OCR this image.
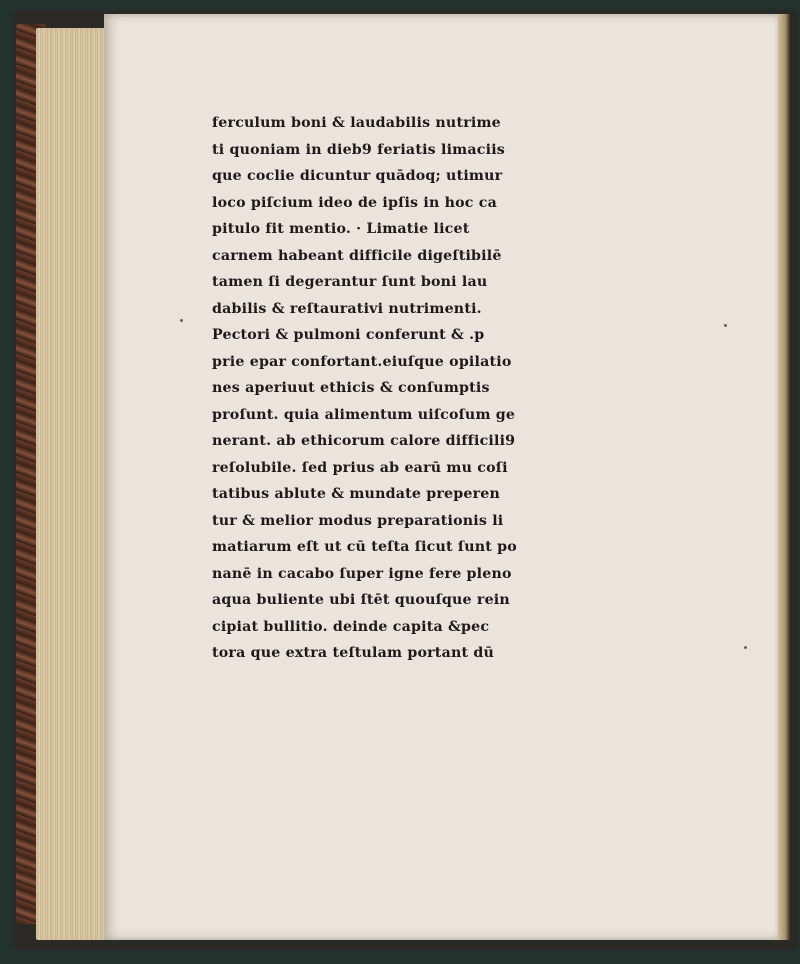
ferculum boni & laudabilis nutrime
ti quoniam in dieb9 feriatis limaciis
que coclie dicuntur quādoq; utimur
loco piſcium ideo de ipſis in hoc ca
pitulo fit mentio. · Limatie licet
carnem habeant difficile digeſtibilē
tamen ſi degerantur ſunt boni lau
dabilis & reſtaurativi nutrimenti.
Pectori & pulmoni conferunt & .p
prie epar confortant.eiuſque opilatio
nes aperiuut ethicis & conſumptis
proſunt. quia alimentum uiſcoſum ge
nerant. ab ethicorum calore difficili9
reſolubile. ſed prius ab earū mu coſi
tatibus ablute & mundate preperen
tur & melior modus preparationis li
matiarum eſt ut cū teſta ſicut ſunt po
nanē in cacabo ſuper igne fere pleno
aqua buliente ubi ſtēt quouſque rein
cipiat bullitio. deinde capita &pec
tora que extra teſtulam portant dū
